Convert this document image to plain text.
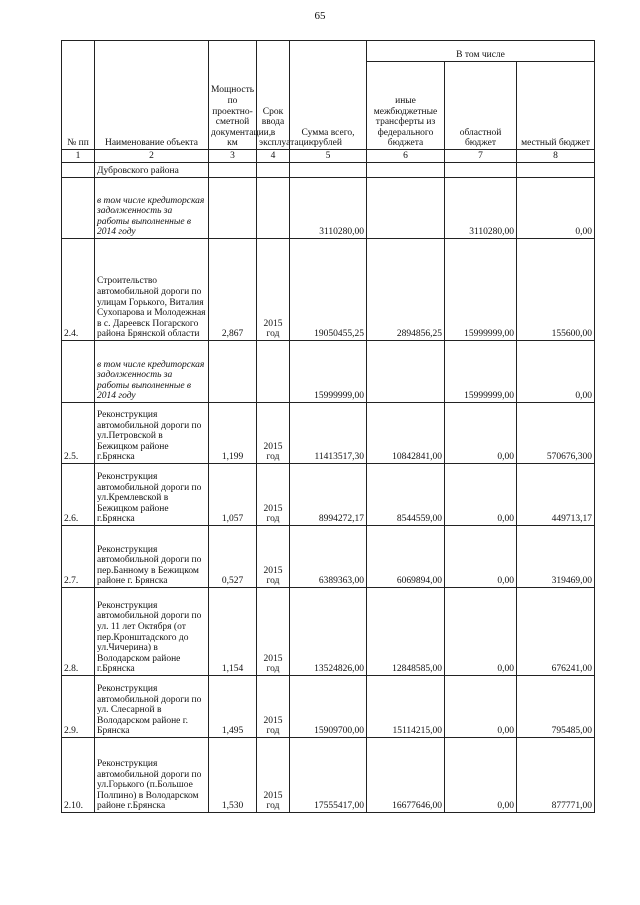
65
№ пп	Наименование объекта	Мощность по проектно-сметной документации, км	Срок ввода в эксплуатацию	Сумма всего, рублей	В том числе		
					иные межбюджетные трансферты из федерального бюджета	областной бюджет	местный бюджет
1	2	3	4	5	6	7	8
	Дубровского района						
	в том числе кредиторская задолженность за работы выполненные в 2014 году			3110280,00		3110280,00	0,00
2.4.	Строительство автомобильной дороги по улицам Горького, Виталия Сухопарова и Молодежная в с. Дареевск Погарского района Брянской области	2,867	2015 год	19050455,25	2894856,25	15999999,00	155600,00
	в том числе кредиторская задолженность за работы выполненные в 2014 году			15999999,00		15999999,00	0,00
2.5.	Реконструкция автомобильной дороги по ул.Петровской в Бежицком районе г.Брянска	1,199	2015 год	11413517,30	10842841,00	0,00	570676,300
2.6.	Реконструкция автомобильной дороги по ул.Кремлевской в Бежицком районе г.Брянска	1,057	2015 год	8994272,17	8544559,00	0,00	449713,17
2.7.	Реконструкция автомобильной дороги по пер.Банному в Бежицком районе г. Брянска	0,527	2015 год	6389363,00	6069894,00	0,00	319469,00
2.8.	Реконструкция автомобильной дороги по ул. 11 лет Октября (от пер.Кронштадского до ул.Чичерина) в Володарском районе г.Брянска	1,154	2015 год	13524826,00	12848585,00	0,00	676241,00
2.9.	Реконструкция автомобильной дороги по ул. Слесарной в Володарском районе г. Брянска	1,495	2015 год	15909700,00	15114215,00	0,00	795485,00
2.10.	Реконструкция автомобильной дороги по ул.Горького (п.Большое Полпино) в Володарском районе г.Брянска	1,530	2015 год	17555417,00	16677646,00	0,00	877771,00
